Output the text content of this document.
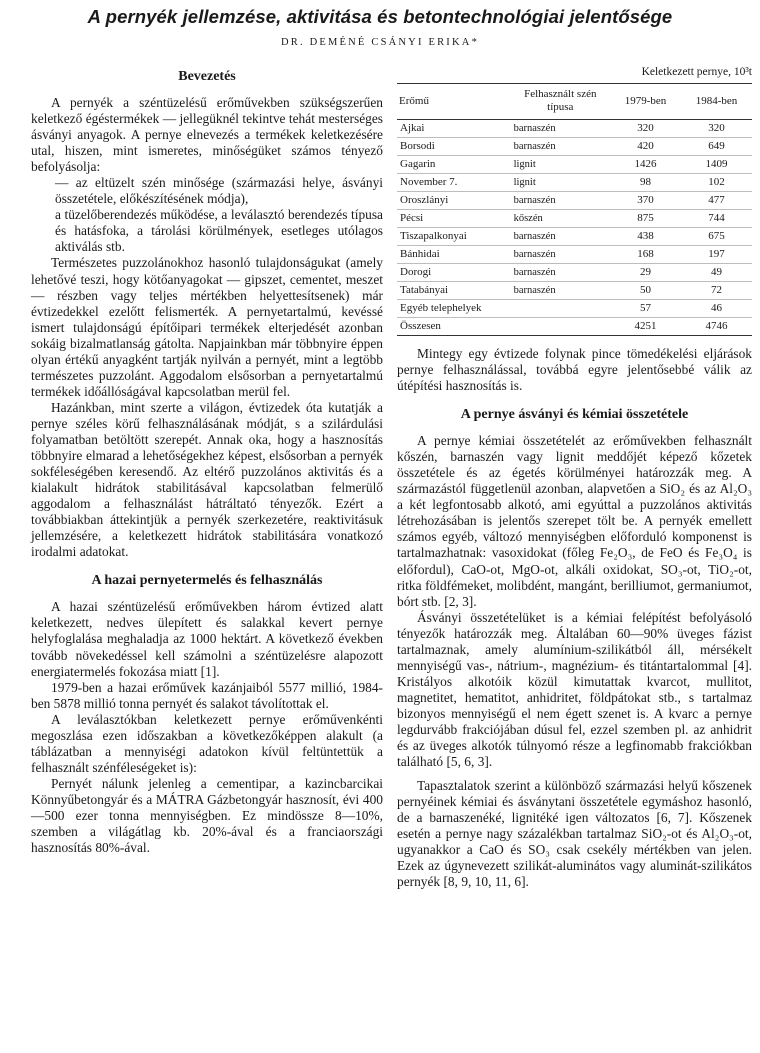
A pernyék jellemzése, aktivitása és betontechnológiai jelentősége
DR. DEMÉNÉ CSÁNYI ERIKA*
Bevezetés

A pernyék a széntüzelésű erőművekben szükségszerűen keletkező égéstermékek — jellegüknél tekintve tehát mesterséges ásványi anyagok. A pernye elnevezés a termékek keletkezésére utal, hiszen, mint ismeretes, minőségüket számos tényező befolyásolja:

— az eltüzelt szén minősége (származási helye, ásványi összetétele, előkészítésének módja),

a tüzelőberendezés működése, a leválasztó berendezés típusa és hatásfoka, a tárolási körülmények, esetleges utólagos aktiválás stb.

Természetes puzzolánokhoz hasonló tulajdonságukat (amely lehetővé teszi, hogy kötőanyagokat — gipszet, cementet, meszet — részben vagy teljes mértékben helyettesítsenek) már évtizedekkel ezelőtt felismerték. A pernyetartalmú, kevéssé ismert tulajdonságú építőipari termékek elterjedését azonban sokáig bizalmatlanság gátolta. Napjainkban már többnyire éppen olyan értékű anyagként tartják nyilván a pernyét, mint a legtöbb természetes puzzolánt. Aggodalom elsősorban a pernyetartalmú termékek időállóságával kapcsolatban merül fel.

Hazánkban, mint szerte a világon, évtizedek óta kutatják a pernye széles körű felhasználásának módját, s a szilárdulási folyamatban betöltött szerepét. Annak oka, hogy a hasznosítás többnyire elmarad a lehetőségekhez képest, elsősorban a pernyék sokféleségében keresendő. Az eltérő puzzolános aktivitás és a kialakult hidrátok stabilitásával kapcsolatban felmerülő aggodalom a felhasználást hátráltató tényezők. Ezért a továbbiakban áttekintjük a pernyék szerkezetére, reaktivitásuk jellemzésére, a keletkezett hidrátok stabilitására vonatkozó irodalmi adatokat.

A hazai pernyetermelés és felhasználás

A hazai széntüzelésű erőművekben három évtized alatt keletkezett, nedves ülepített és salakkal kevert pernye helyfoglalása meghaladja az 1000 hektárt. A következő években tovább növekedéssel kell számolni a széntüzelésre alapozott energiatermelés fokozása miatt [1].

1979-ben a hazai erőművek kazánjaiból 5577 millió, 1984-ben 5878 millió tonna pernyét és salakot távolítottak el.

A leválasztókban keletkezett pernye erőművenkénti megoszlása ezen időszakban a következőképpen alakult (a táblázatban a mennyiségi adatokon kívül feltüntettük a felhasznált szénféleségeket is):

Pernyét nálunk jelenleg a cementipar, a kazincbarcikai Könnyűbetongyár és a MÁTRA Gázbetongyár hasznosít, évi 400—500 ezer tonna mennyiségben. Ez mindössze 8—10%, szemben a világátlag kb. 20%-ával és a franciaországi hasznosítás 80%-ával.

Keletkezett pernye, 10³t
Erőmű	Felhasznált szén típusa	1979-ben	1984-ben
Ajkai	barnaszén	320	320
Borsodi	barnaszén	420	649
Gagarin	lignit	1426	1409
November 7.	lignit	98	102
Oroszlányi	barnaszén	370	477
Pécsi	kőszén	875	744
Tiszapalkonyai	barnaszén	438	675
Bánhidai	barnaszén	168	197
Dorogi	barnaszén	29	49
Tatabányai	barnaszén	50	72
Egyéb telephelyek		57	46
Összesen		4251	4746

Mintegy egy évtizede folynak pince tömedékelési eljárások pernye felhasználással, továbbá egyre jelentősebbé válik az útépítési hasznosítás is.

A pernye ásványi és kémiai összetétele

A pernye kémiai összetételét az erőművekben felhasznált kőszén, barnaszén vagy lignit meddőjét képező kőzetek összetétele és az égetés körülményei határozzák meg. A származástól függetlenül azonban, alapvetően a SiO₂ és az Al₂O₃ a két legfontosabb alkotó, ami egyúttal a puzzolános aktivitás létrehozásában is jelentős szerepet tölt be. A pernyék emellett számos egyéb, változó mennyiségben előforduló komponenst is tartalmazhatnak: vasoxidokat (főleg Fe₂O₃, de FeO és Fe₃O₄ is előfordul), CaO-ot, MgO-ot, alkáli oxidokat, SO₃-ot, TiO₂-ot, ritka földfémeket, molibdént, mangánt, berilliumot, germaniumot, bórt stb. [2, 3].

Ásványi összetételüket is a kémiai felépítést befolyásoló tényezők határozzák meg. Általában 60—90% üveges fázist tartalmaznak, amely alumínium-szilikátból áll, mérsékelt mennyiségű vas-, nátrium-, magnézium- és titántartalommal [4]. Kristályos alkotóik közül kimutattak kvarcot, mullitot, magnetitet, hematitot, anhidritet, földpátokat stb., s tartalmaz bizonyos mennyiségű el nem égett szenet is. A kvarc a pernye legdurvább frakciójában dúsul fel, ezzel szemben pl. az anhidrit és az üveges alkotók túlnyomó része a legfinomabb frakciókban található [5, 6, 3].

Tapasztalatok szerint a különböző származási helyű kőszenek pernyéinek kémiai és ásványtani összetétele egymáshoz hasonló, de a barnaszenéké, lignitéké igen változatos [6, 7]. Kőszenek esetén a pernye nagy százalékban tartalmaz SiO₂-ot és Al₂O₃-ot, ugyanakkor a CaO és SO₃ csak csekély mértékben van jelen. Ezek az úgynevezett szilikát-aluminátos vagy aluminát-szilikátos pernyék [8, 9, 10, 11, 6].
